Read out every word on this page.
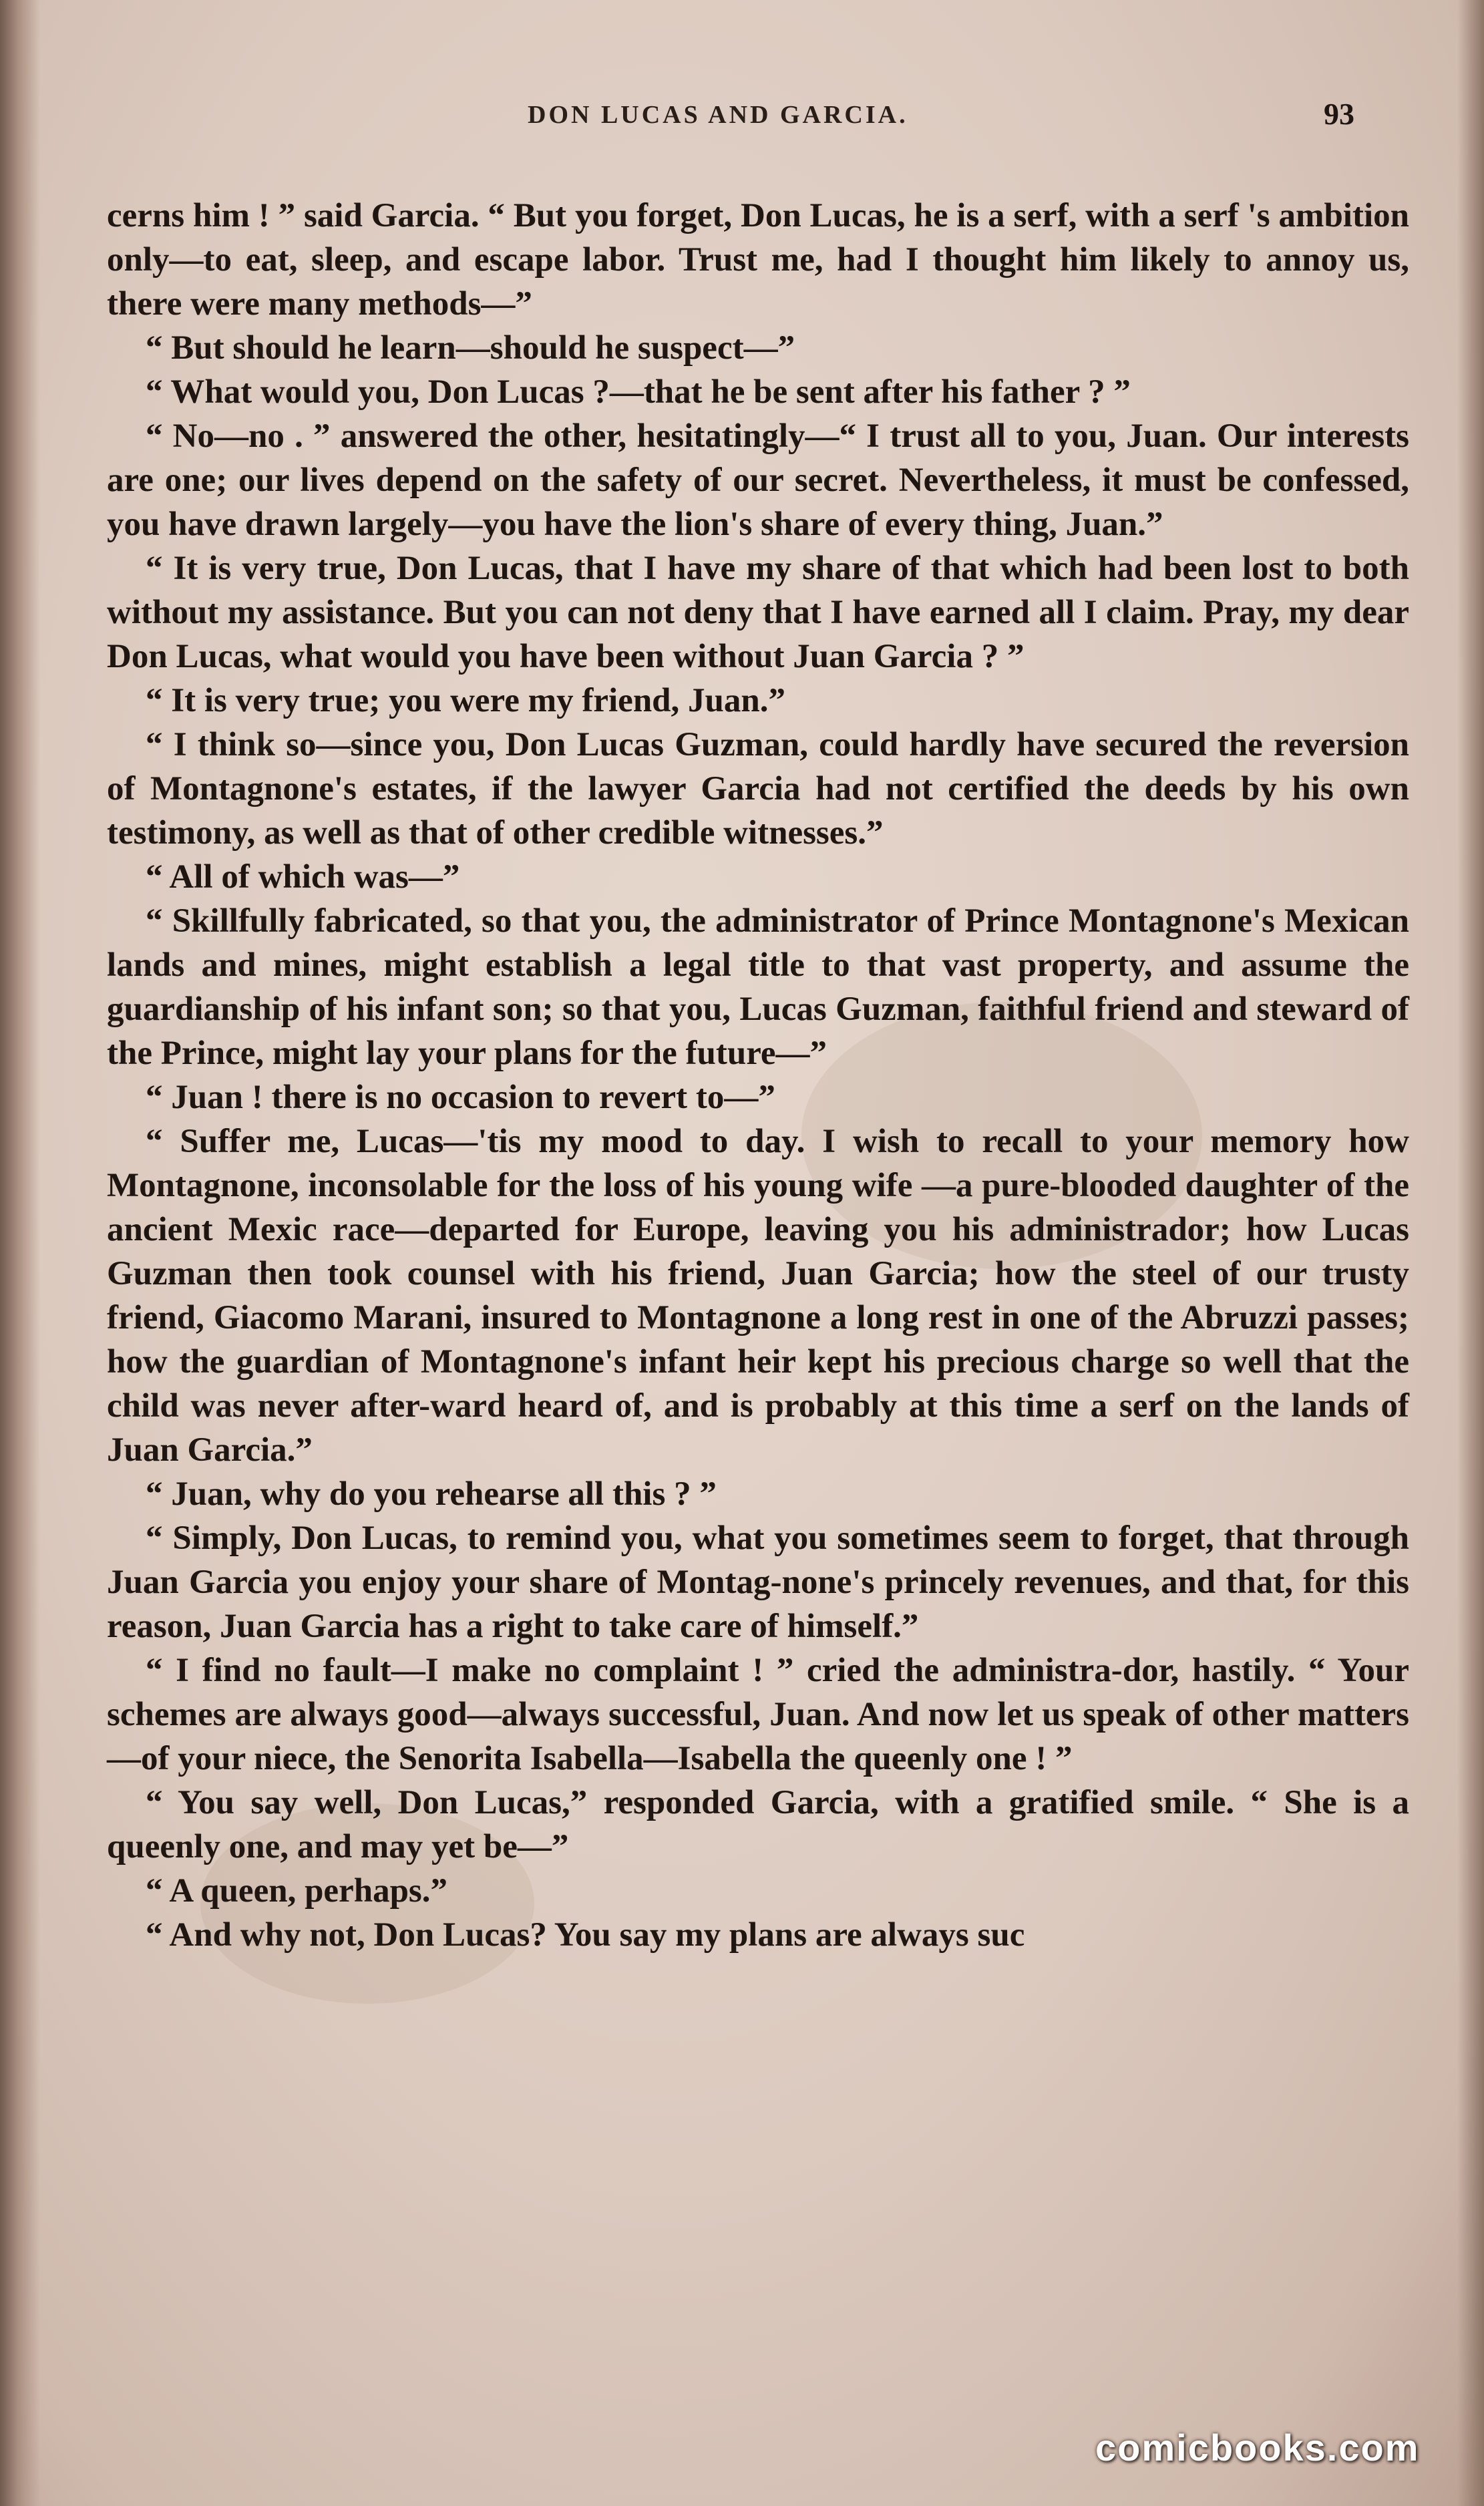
DON LUCAS AND GARCIA.	93

cerns him ! ” said Garcia. “ But you forget, Don Lucas, he is a serf, with a serf 's ambition only—to eat, sleep, and escape labor. Trust me, had I thought him likely to annoy us, there were many methods—”

“ But should he learn—should he suspect—”

“ What would you, Don Lucas ?—that he be sent after his father ? ”

“ No—no . ” answered the other, hesitatingly—“ I trust all to you, Juan. Our interests are one; our lives depend on the safety of our secret. Nevertheless, it must be confessed, you have drawn largely—you have the lion's share of every thing, Juan.”

“ It is very true, Don Lucas, that I have my share of that which had been lost to both without my assistance. But you can not deny that I have earned all I claim. Pray, my dear Don Lucas, what would you have been without Juan Garcia ? ”

“ It is very true; you were my friend, Juan.”

“ I think so—since you, Don Lucas Guzman, could hardly have secured the reversion of Montagnone's estates, if the lawyer Garcia had not certified the deeds by his own testimony, as well as that of other credible witnesses.”

“ All of which was—”

“ Skillfully fabricated, so that you, the administrator of Prince Montagnone's Mexican lands and mines, might establish a legal title to that vast property, and assume the guardianship of his infant son; so that you, Lucas Guzman, faithful friend and steward of the Prince, might lay your plans for the future—”

“ Juan ! there is no occasion to revert to—”

“ Suffer me, Lucas—'tis my mood to day. I wish to recall to your memory how Montagnone, inconsolable for the loss of his young wife —a pure-blooded daughter of the ancient Mexic race—departed for Europe, leaving you his administrador; how Lucas Guzman then took counsel with his friend, Juan Garcia; how the steel of our trusty friend, Giacomo Marani, insured to Montagnone a long rest in one of the Abruzzi passes; how the guardian of Montagnone's infant heir kept his precious charge so well that the child was never after-ward heard of, and is probably at this time a serf on the lands of Juan Garcia.”

“ Juan, why do you rehearse all this ? ”

“ Simply, Don Lucas, to remind you, what you sometimes seem to forget, that through Juan Garcia you enjoy your share of Montag-none's princely revenues, and that, for this reason, Juan Garcia has a right to take care of himself.”

“ I find no fault—I make no complaint ! ” cried the administra-dor, hastily. “ Your schemes are always good—always successful, Juan. And now let us speak of other matters—of your niece, the Senorita Isabella—Isabella the queenly one ! ”

“ You say well, Don Lucas,” responded Garcia, with a gratified smile. “ She is a queenly one, and may yet be—”

“ A queen, perhaps.”

“ And why not, Don Lucas? You say my plans are always suc

comicbooks.com
